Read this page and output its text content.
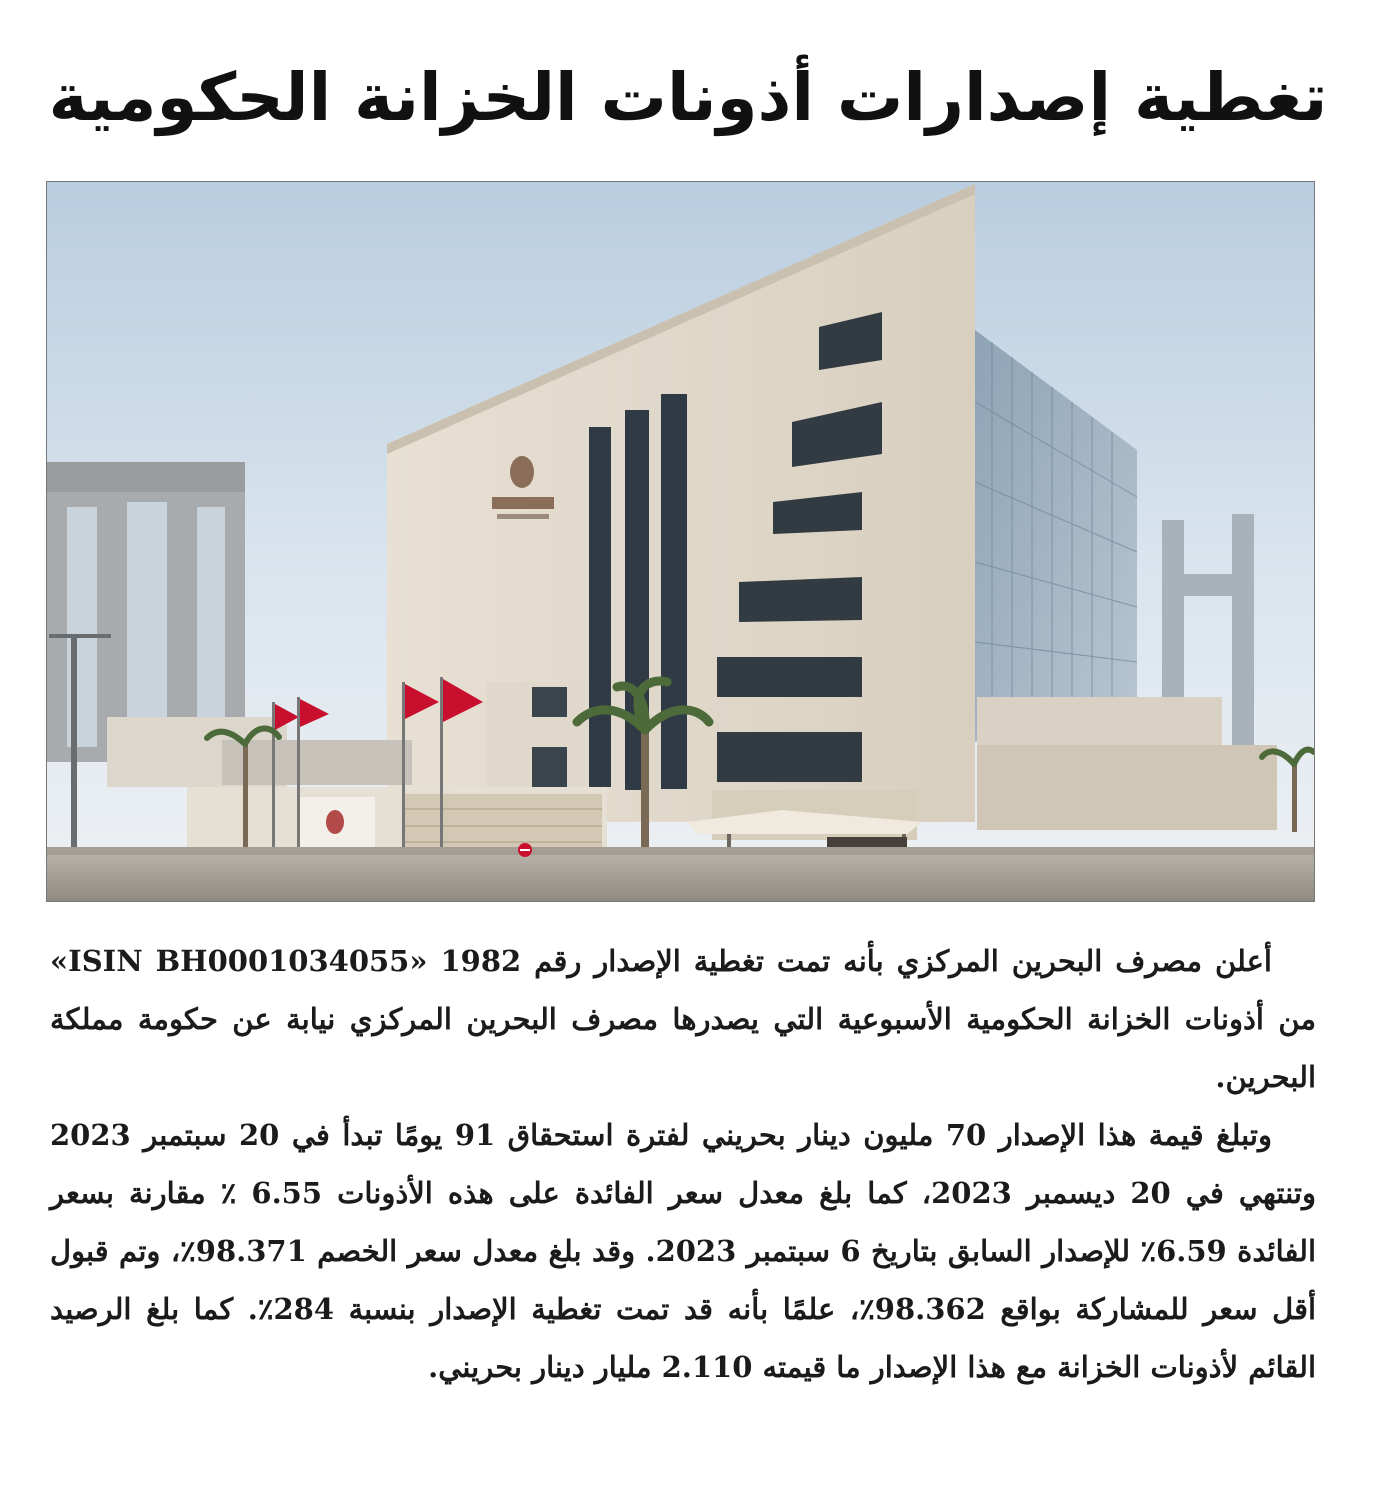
تغطية إصدارات أذونات الخزانة الحكومية

أعلن مصرف البحرين المركزي بأنه تمت تغطية الإصدار رقم 1982 «ISIN BH0001034055» من أذونات الخزانة الحكومية الأسبوعية التي يصدرها مصرف البحرين المركزي نيابة عن حكومة مملكة البحرين.

وتبلغ قيمة هذا الإصدار 70 مليون دينار بحريني لفترة استحقاق 91 يومًا تبدأ في 20 سبتمبر 2023 وتنتهي في 20 ديسمبر 2023، كما بلغ معدل سعر الفائدة على هذه الأذونات 6.55 ٪ مقارنة بسعر الفائدة 6.59٪ للإصدار السابق بتاريخ 6 سبتمبر 2023. وقد بلغ معدل سعر الخصم 98.371٪، وتم قبول أقل سعر للمشاركة بواقع 98.362٪، علمًا بأنه قد تمت تغطية الإصدار بنسبة 284٪. كما بلغ الرصيد القائم لأذونات الخزانة مع هذا الإصدار ما قيمته 2.110 مليار دينار بحريني.
